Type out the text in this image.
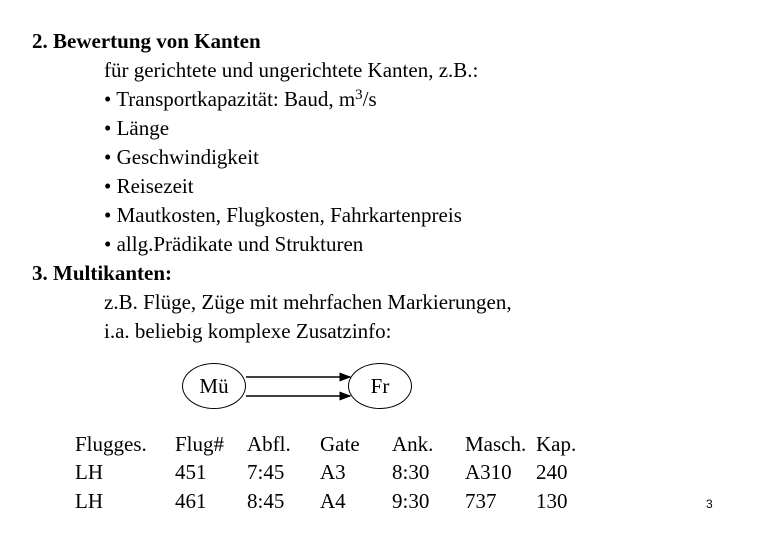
2. Bewertung von Kanten
für gerichtete und ungerichtete Kanten, z.B.:
• Transportkapazität: Baud, $m^3/s$
• Länge
• Geschwindigkeit
• Reisezeit
• Mautkosten, Flugkosten, Fahrkartenpreis
• allg.Prädikate und Strukturen
3. Multikanten:
z.B. Flüge, Züge mit mehrfachen Markierungen,
i.a. beliebig komplexe Zusatzinfo:
Mü	Fr
Flugges. Flug# Abfl. Gate Ank. Masch. Kap.
LH	451 7:45 A3 8:30 A310 240
LH	461 8:45 A4 9:30 737 130	3
